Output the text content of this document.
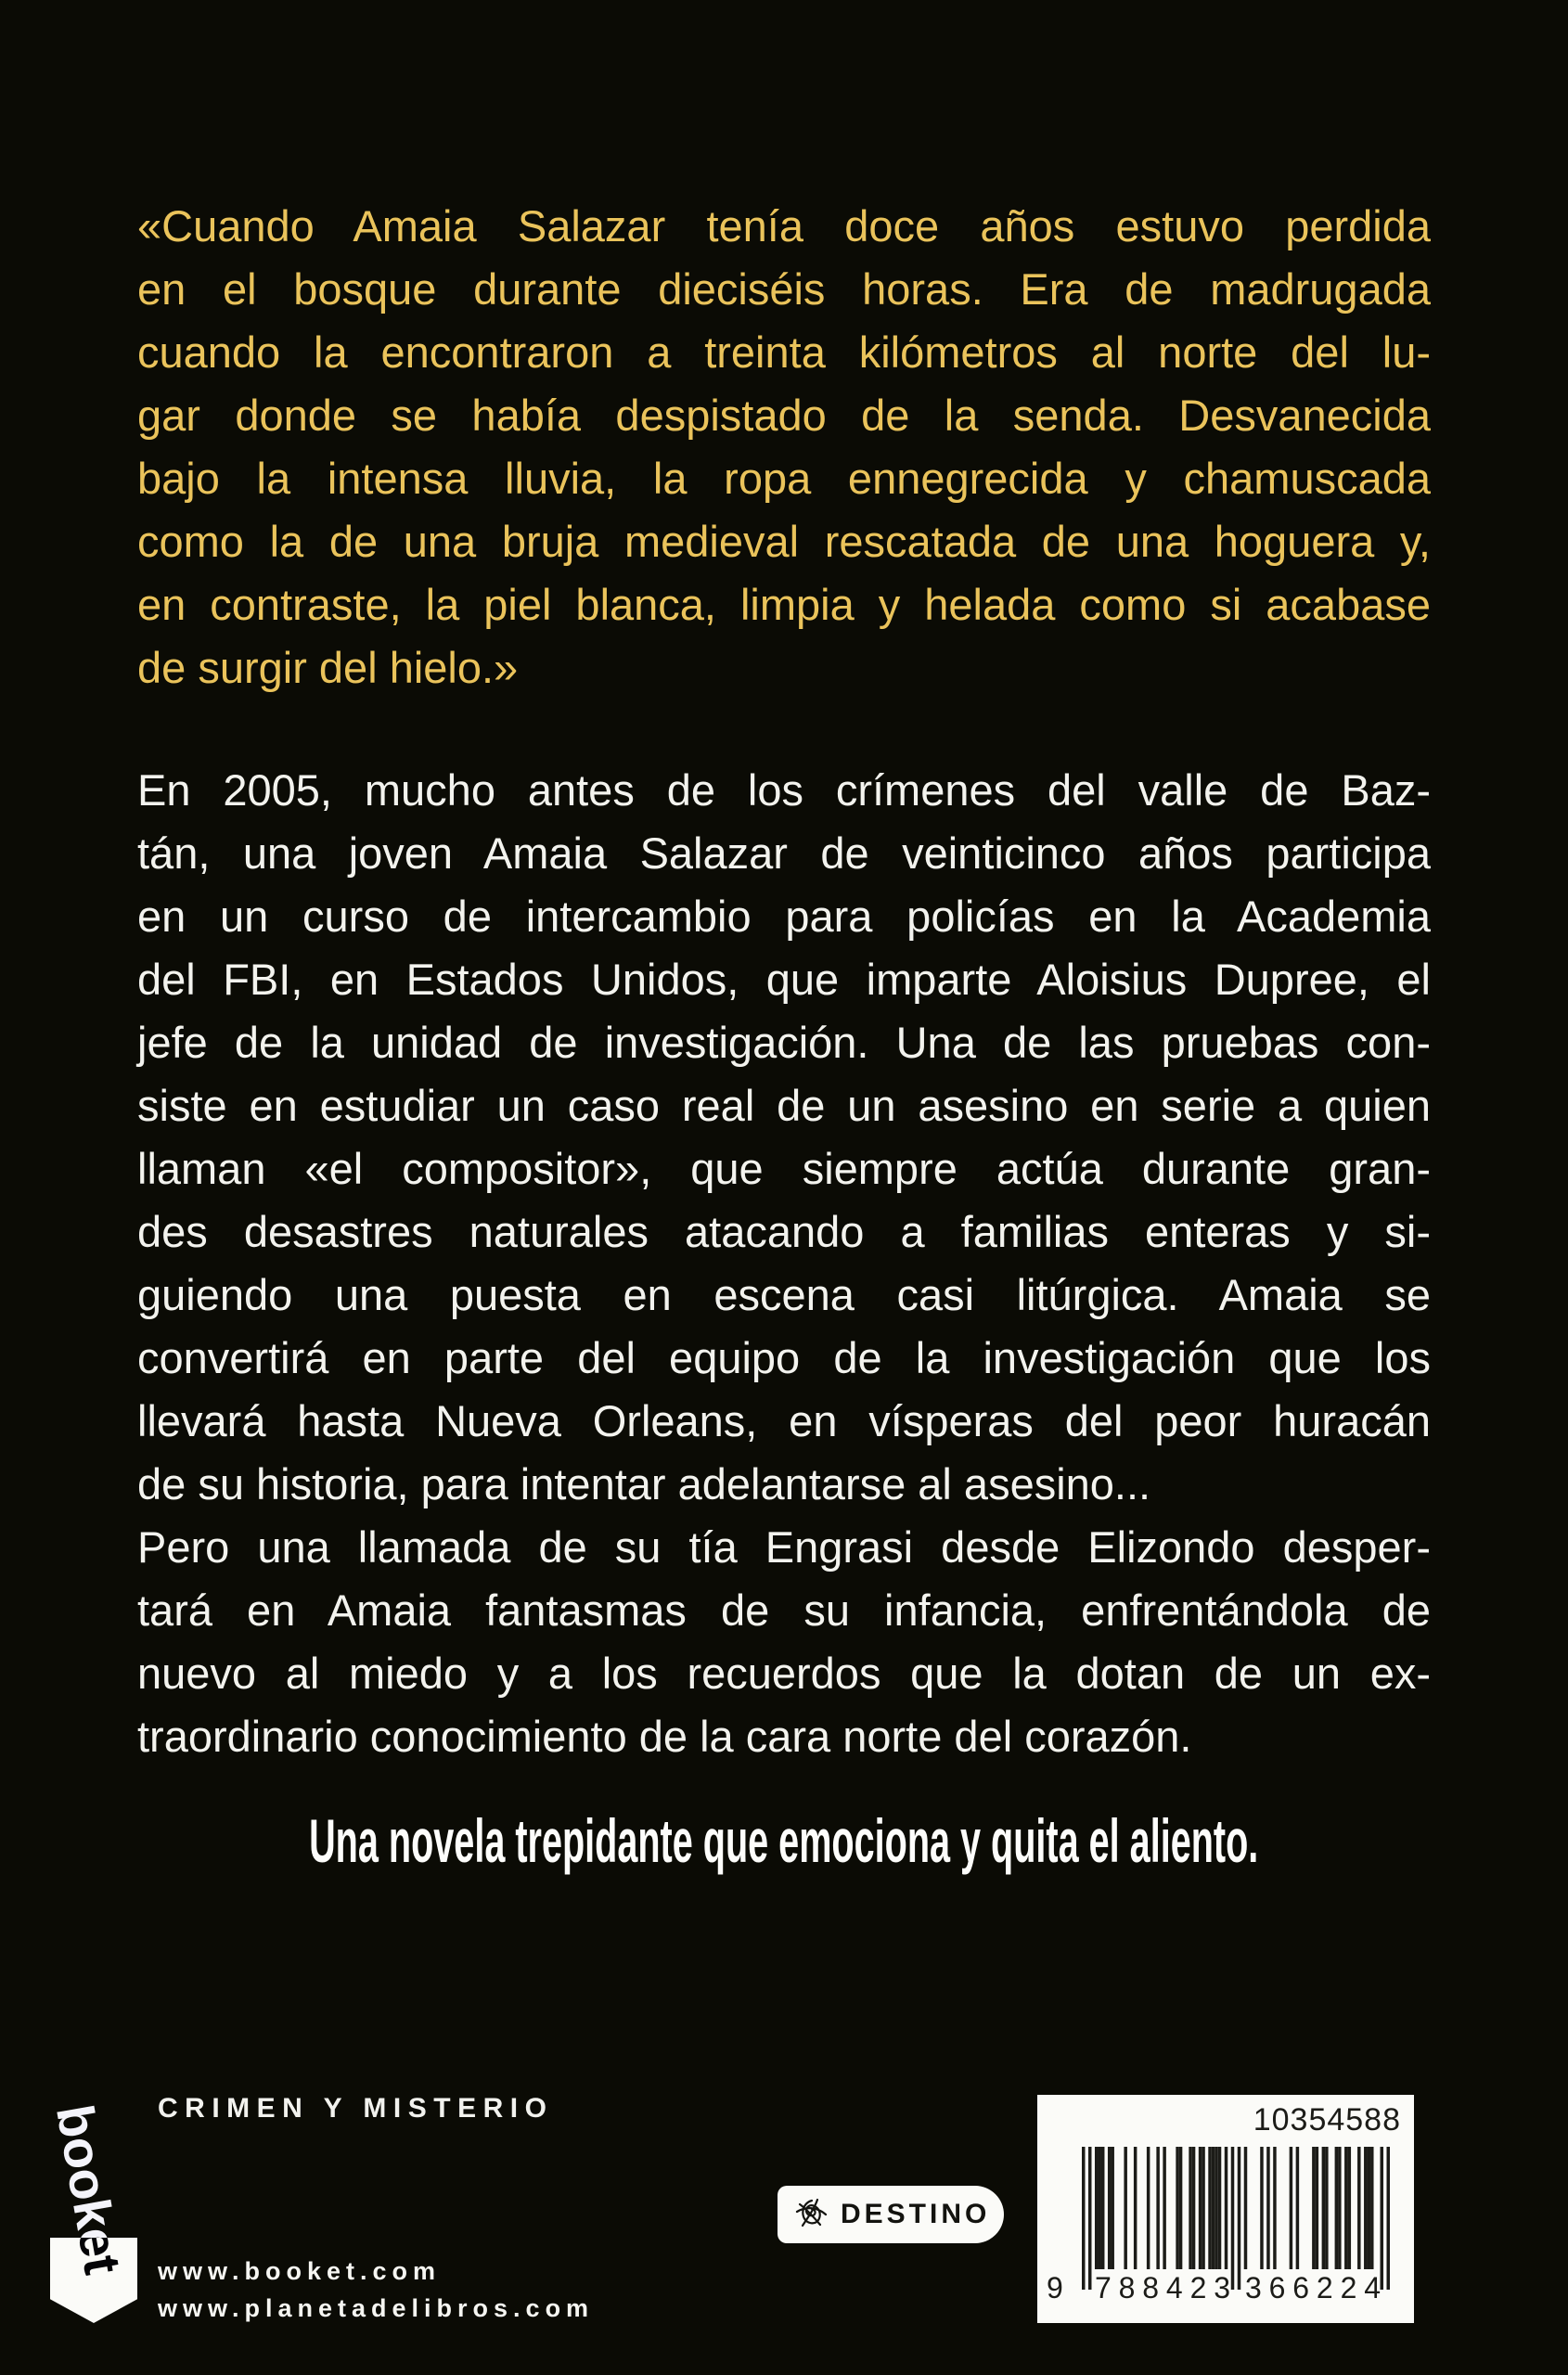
«Cuando Amaia Salazar tenía doce años estuvo perdida
en el bosque durante dieciséis horas. Era de madrugada
cuando la encontraron a treinta kilómetros al norte del lu-
gar donde se había despistado de la senda. Desvanecida
bajo la intensa lluvia, la ropa ennegrecida y chamuscada
como la de una bruja medieval rescatada de una hoguera y,
en contraste, la piel blanca, limpia y helada como si acabase
de surgir del hielo.»
En 2005, mucho antes de los crímenes del valle de Baz-
tán, una joven Amaia Salazar de veinticinco años participa
en un curso de intercambio para policías en la Academia
del FBI, en Estados Unidos, que imparte Aloisius Dupree, el
jefe de la unidad de investigación. Una de las pruebas con-
siste en estudiar un caso real de un asesino en serie a quien
llaman «el compositor», que siempre actúa durante gran-
des desastres naturales atacando a familias enteras y si-
guiendo una puesta en escena casi litúrgica. Amaia se
convertirá en parte del equipo de la investigación que los
llevará hasta Nueva Orleans, en vísperas del peor huracán
de su historia, para intentar adelantarse al asesino...
Pero una llamada de su tía Engrasi desde Elizondo desper-
tará en Amaia fantasmas de su infancia, enfrentándola de
nuevo al miedo y a los recuerdos que la dotan de un ex-
traordinario conocimiento de la cara norte del corazón.
Una novela trepidante que emociona y quita el aliento.
CRIMEN Y MISTERIO
booket www.booket.com
www.planetadelibros.com
DESTINO
10354588
9 7 8 8 4 2 3 3 6 6 2 2 4
